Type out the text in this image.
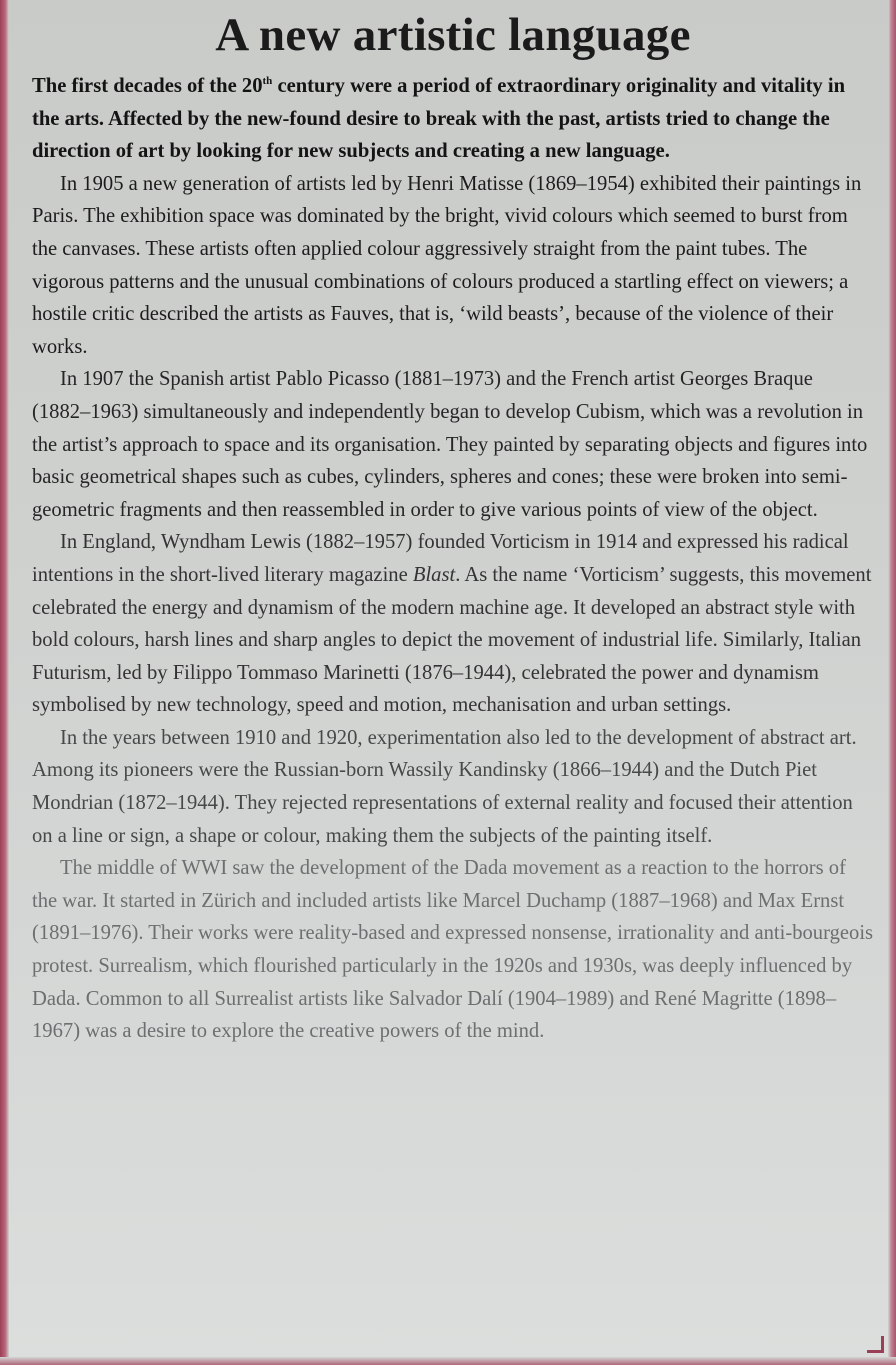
A new artistic language

The first decades of the 20th century were a period of extraordinary originality and vitality in the arts. Affected by the new-found desire to break with the past, artists tried to change the direction of art by looking for new subjects and creating a new language.

In 1905 a new generation of artists led by Henri Matisse (1869–1954) exhibited their paintings in Paris. The exhibition space was dominated by the bright, vivid colours which seemed to burst from the canvases. These artists often applied colour aggressively straight from the paint tubes. The vigorous patterns and the unusual combinations of colours produced a startling effect on viewers; a hostile critic described the artists as Fauves, that is, ‘wild beasts’, because of the violence of their works.

In 1907 the Spanish artist Pablo Picasso (1881–1973) and the French artist Georges Braque (1882–1963) simultaneously and independently began to develop Cubism, which was a revolution in the artist’s approach to space and its organisation. They painted by separating objects and figures into basic geometrical shapes such as cubes, cylinders, spheres and cones; these were broken into semi-geometric fragments and then reassembled in order to give various points of view of the object.

In England, Wyndham Lewis (1882–1957) founded Vorticism in 1914 and expressed his radical intentions in the short-lived literary magazine Blast. As the name ‘Vorticism’ suggests, this movement celebrated the energy and dynamism of the modern machine age. It developed an abstract style with bold colours, harsh lines and sharp angles to depict the movement of industrial life. Similarly, Italian Futurism, led by Filippo Tommaso Marinetti (1876–1944), celebrated the power and dynamism symbolised by new technology, speed and motion, mechanisation and urban settings.

In the years between 1910 and 1920, experimentation also led to the development of abstract art. Among its pioneers were the Russian-born Wassily Kandinsky (1866–1944) and the Dutch Piet Mondrian (1872–1944). They rejected representations of external reality and focused their attention on a line or sign, a shape or colour, making them the subjects of the painting itself.

The middle of WWI saw the development of the Dada movement as a reaction to the horrors of the war. It started in Zürich and included artists like Marcel Duchamp (1887–1968) and Max Ernst (1891–1976). Their works were reality-based and expressed nonsense, irrationality and anti-bourgeois protest. Surrealism, which flourished particularly in the 1920s and 1930s, was deeply influenced by Dada. Common to all Surrealist artists like Salvador Dalí (1904–1989) and René Magritte (1898–1967) was a desire to explore the creative powers of the mind.
